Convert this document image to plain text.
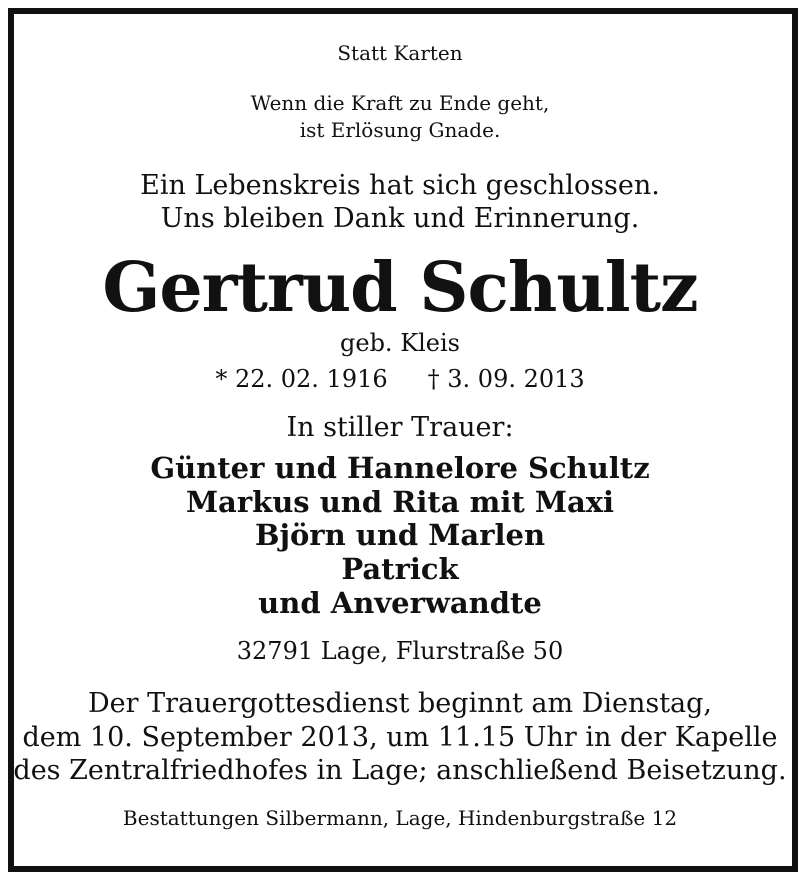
Statt Karten
Wenn die Kraft zu Ende geht,
ist Erlösung Gnade.
Ein Lebenskreis hat sich geschlossen.
Uns bleiben Dank und Erinnerung.
Gertrud Schultz
geb. Kleis
* 22. 02. 1916 † 3. 09. 2013
In stiller Trauer:
Günter und Hannelore Schultz
Markus und Rita mit Maxi
Björn und Marlen
Patrick
und Anverwandte
32791 Lage, Flurstraße 50
Der Trauergottesdienst beginnt am Dienstag,
dem 10. September 2013, um 11.15 Uhr in der Kapelle
des Zentralfriedhofes in Lage; anschließend Beisetzung.
Bestattungen Silbermann, Lage, Hindenburgstraße 12
